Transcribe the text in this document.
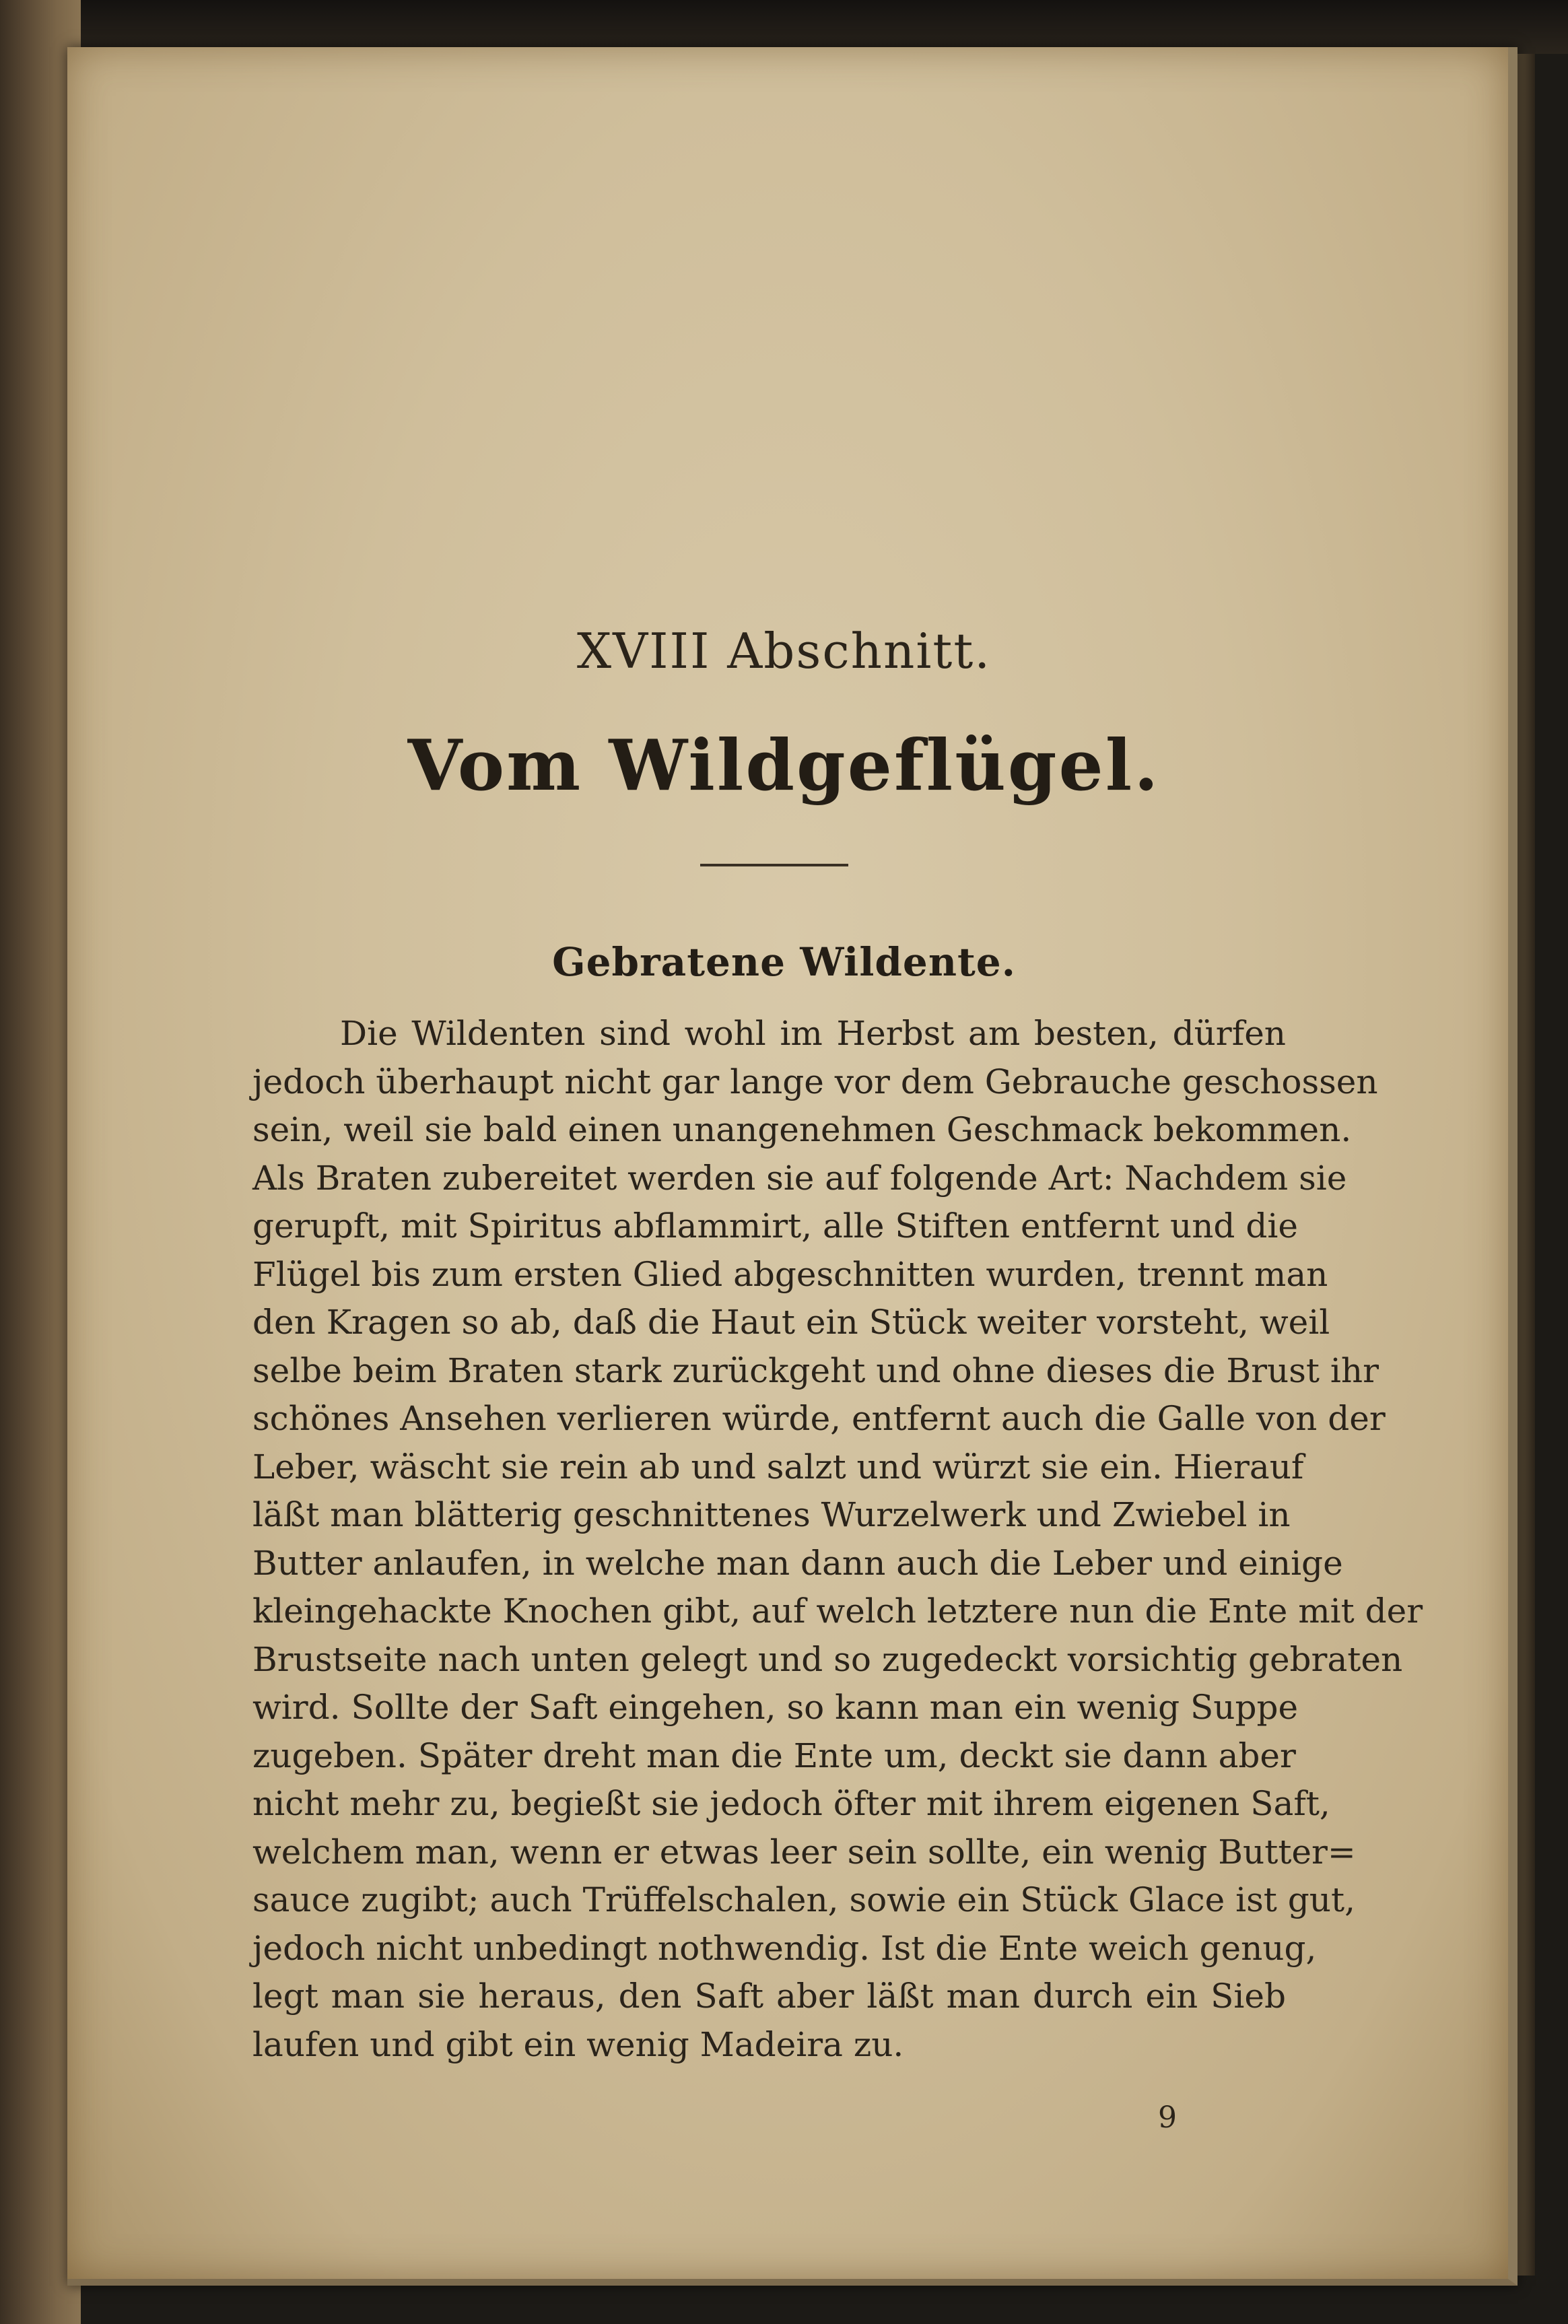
XVIII Abschnitt.
Vom Wildgeflügel.
Gebratene Wildente.
Die Wildenten sind wohl im Herbst am besten, dürfen
jedoch überhaupt nicht gar lange vor dem Gebrauche geschossen
sein, weil sie bald einen unangenehmen Geschmack bekommen.
Als Braten zubereitet werden sie auf folgende Art: Nachdem sie
gerupft, mit Spiritus abflammirt, alle Stiften entfernt und die
Flügel bis zum ersten Glied abgeschnitten wurden, trennt man
den Kragen so ab, daß die Haut ein Stück weiter vorsteht, weil
selbe beim Braten stark zurückgeht und ohne dieses die Brust ihr
schönes Ansehen verlieren würde, entfernt auch die Galle von der
Leber, wäscht sie rein ab und salzt und würzt sie ein. Hierauf
läßt man blätterig geschnittenes Wurzelwerk und Zwiebel in
Butter anlaufen, in welche man dann auch die Leber und einige
kleingehackte Knochen gibt, auf welch letztere nun die Ente mit der
Brustseite nach unten gelegt und so zugedeckt vorsichtig gebraten
wird. Sollte der Saft eingehen, so kann man ein wenig Suppe
zugeben. Später dreht man die Ente um, deckt sie dann aber
nicht mehr zu, begießt sie jedoch öfter mit ihrem eigenen Saft,
welchem man, wenn er etwas leer sein sollte, ein wenig Butter=
sauce zugibt; auch Trüffelschalen, sowie ein Stück Glace ist gut,
jedoch nicht unbedingt nothwendig. Ist die Ente weich genug,
legt man sie heraus, den Saft aber läßt man durch ein Sieb
laufen und gibt ein wenig Madeira zu.
9
